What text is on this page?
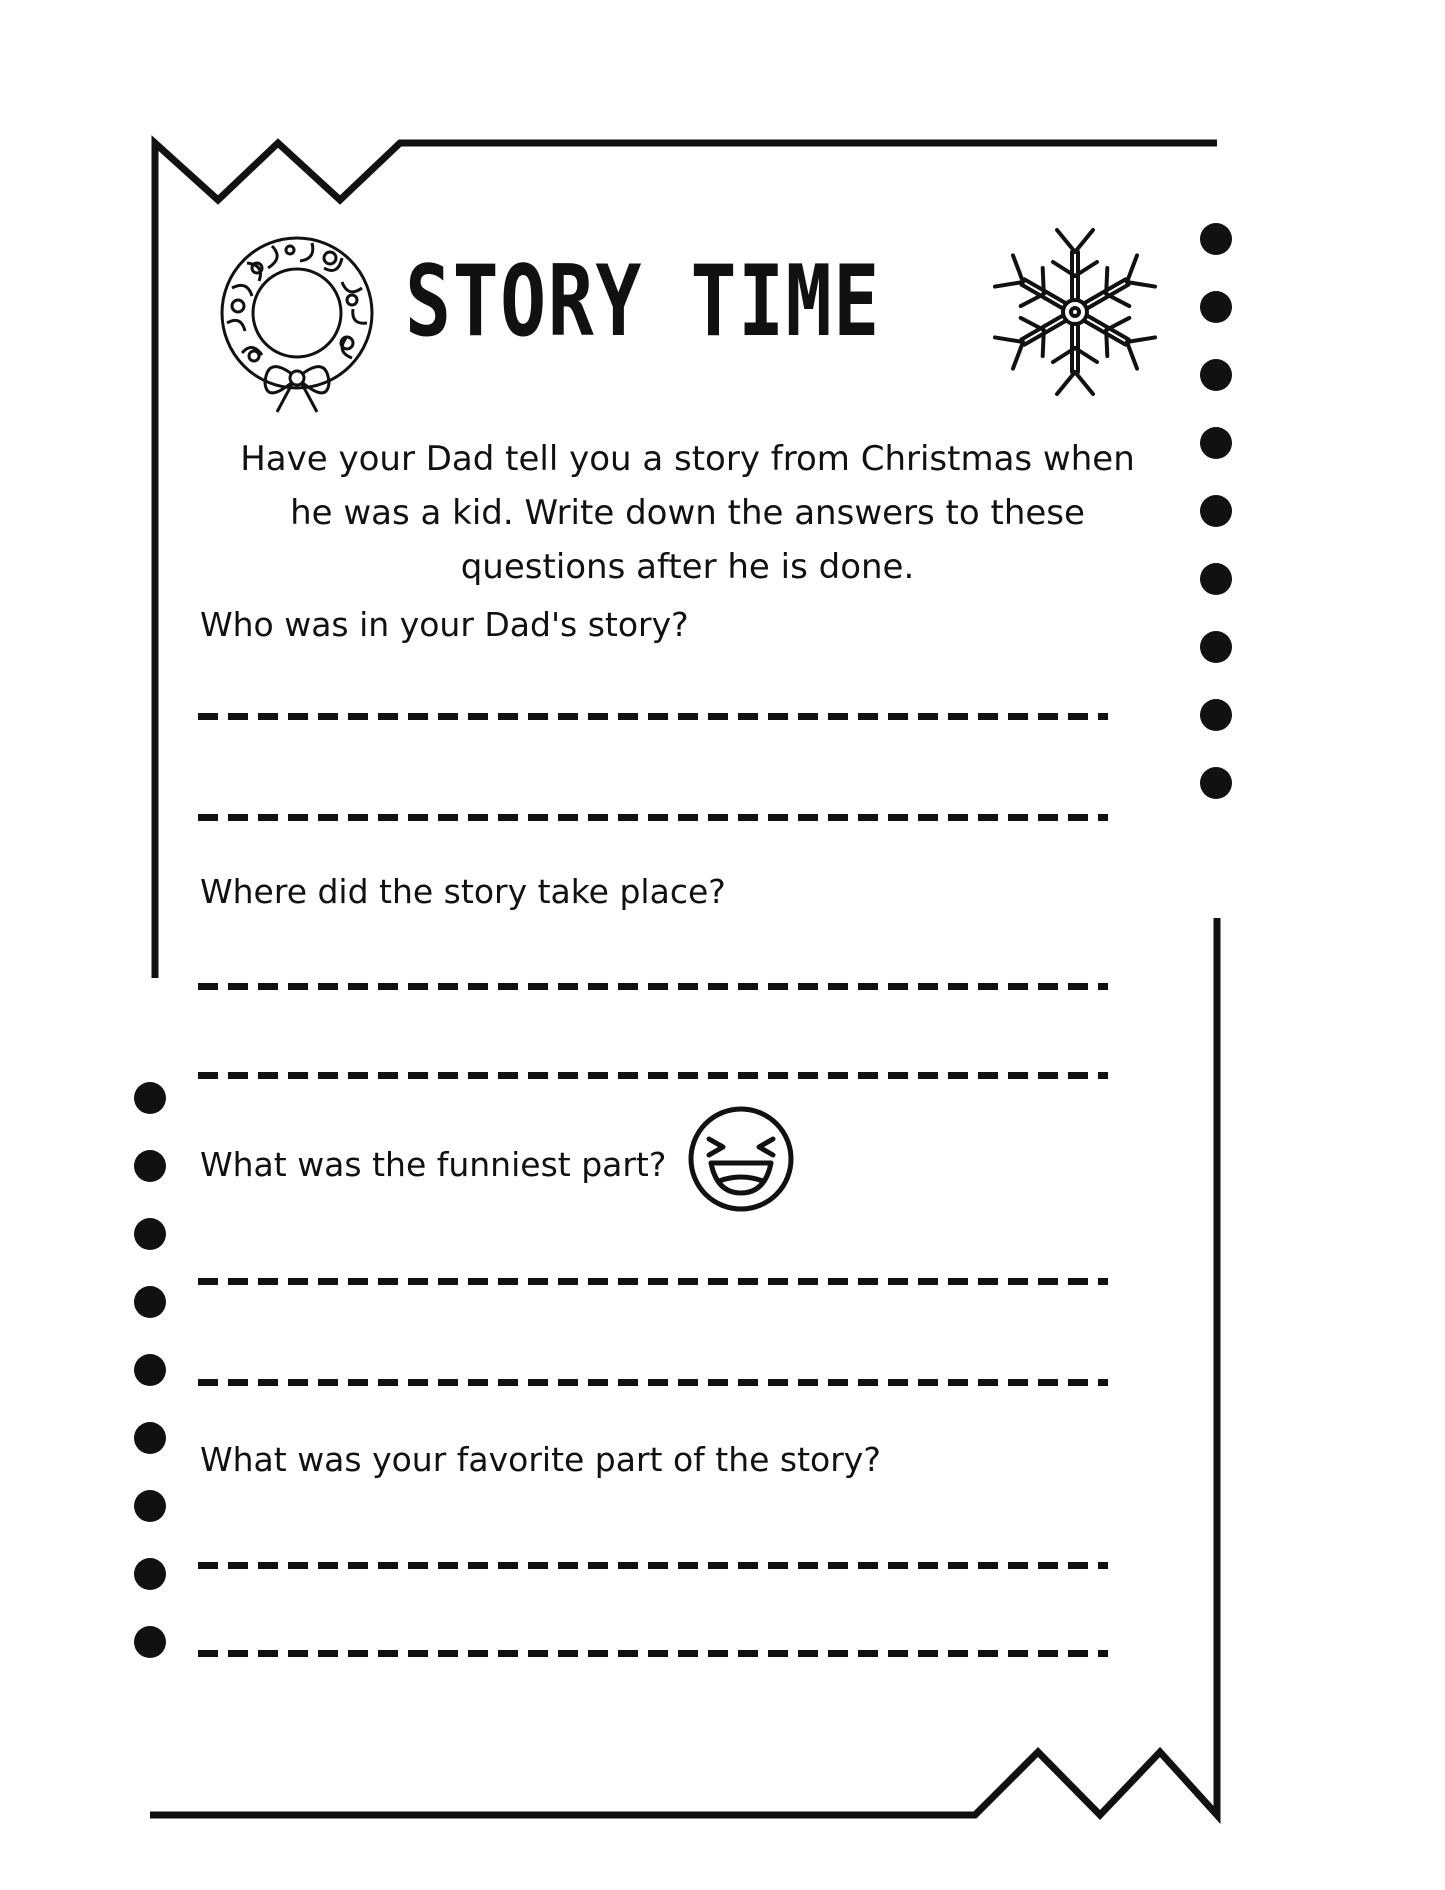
STORY TIME
Have your Dad tell you a story from Christmas when he was a kid. Write down the answers to these questions after he is done.
Who was in your Dad's story?
Where did the story take place?
What was the funniest part?
What was your favorite part of the story?
